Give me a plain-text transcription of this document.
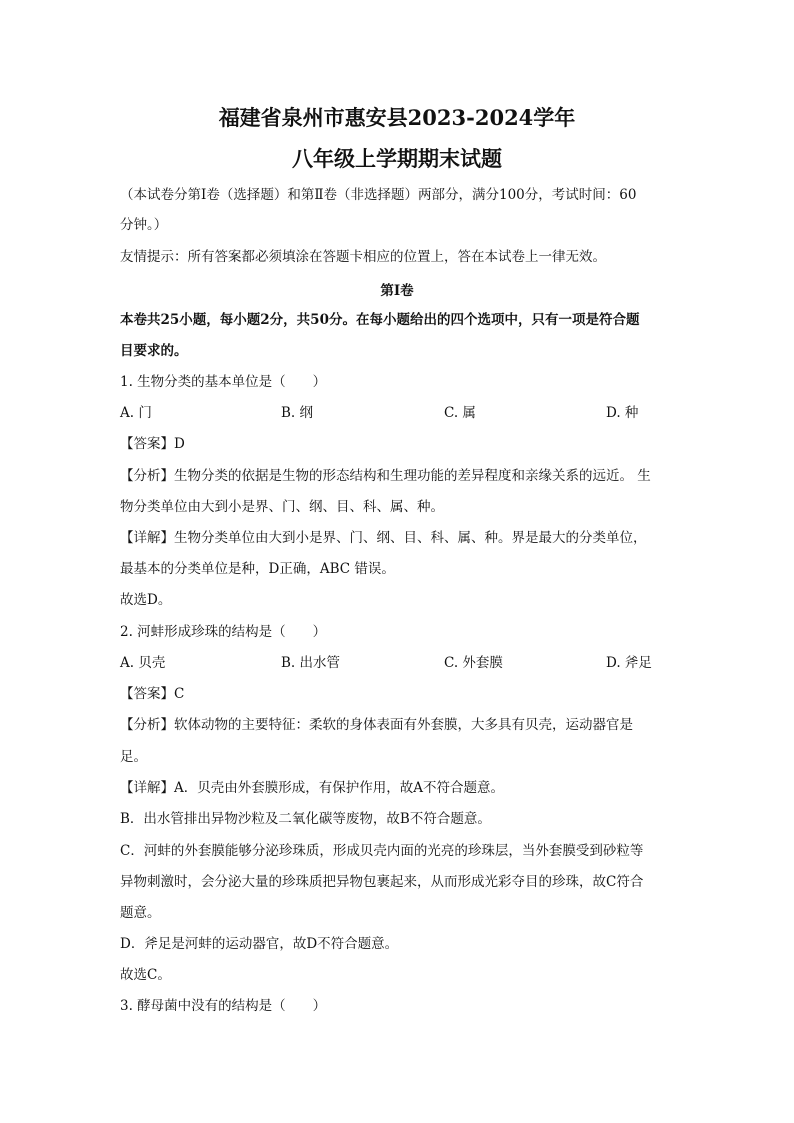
福建省泉州市惠安县2023-2024学年
八年级上学期期末试题
（本试卷分第Ⅰ卷（选择题）和第Ⅱ卷（非选择题）两部分，满分100分，考试时间：60
分钟。）
友情提示：所有答案都必须填涂在答题卡相应的位置上，答在本试卷上一律无效。
第Ⅰ卷
本卷共25小题，每小题2分，共50分。在每小题给出的四个选项中，只有一项是符合题
目要求的。
1. 生物分类的基本单位是（　　）
A. 门	B. 纲	C. 属	D. 种
【答案】D
【分析】生物分类的依据是生物的形态结构和生理功能的差异程度和亲缘关系的远近。 生
物分类单位由大到小是界、门、纲、目、科、属、种。
【详解】生物分类单位由大到小是界、门、纲、目、科、属、种。界是最大的分类单位，
最基本的分类单位是种，D正确，ABC 错误。
故选D。
2. 河蚌形成珍珠的结构是（　　）
A. 贝壳	B. 出水管	C. 外套膜	D. 斧足
【答案】C
【分析】软体动物的主要特征：柔软的身体表面有外套膜，大多具有贝壳，运动器官是
足。
【详解】A．贝壳由外套膜形成，有保护作用，故A不符合题意。
B．出水管排出异物沙粒及二氧化碳等废物，故B不符合题意。
C．河蚌的外套膜能够分泌珍珠质，形成贝壳内面的光亮的珍珠层，当外套膜受到砂粒等
异物刺激时，会分泌大量的珍珠质把异物包裹起来，从而形成光彩夺目的珍珠，故C符合
题意。
D．斧足是河蚌的运动器官，故D不符合题意。
故选C。
3. 酵母菌中没有的结构是（　　）
